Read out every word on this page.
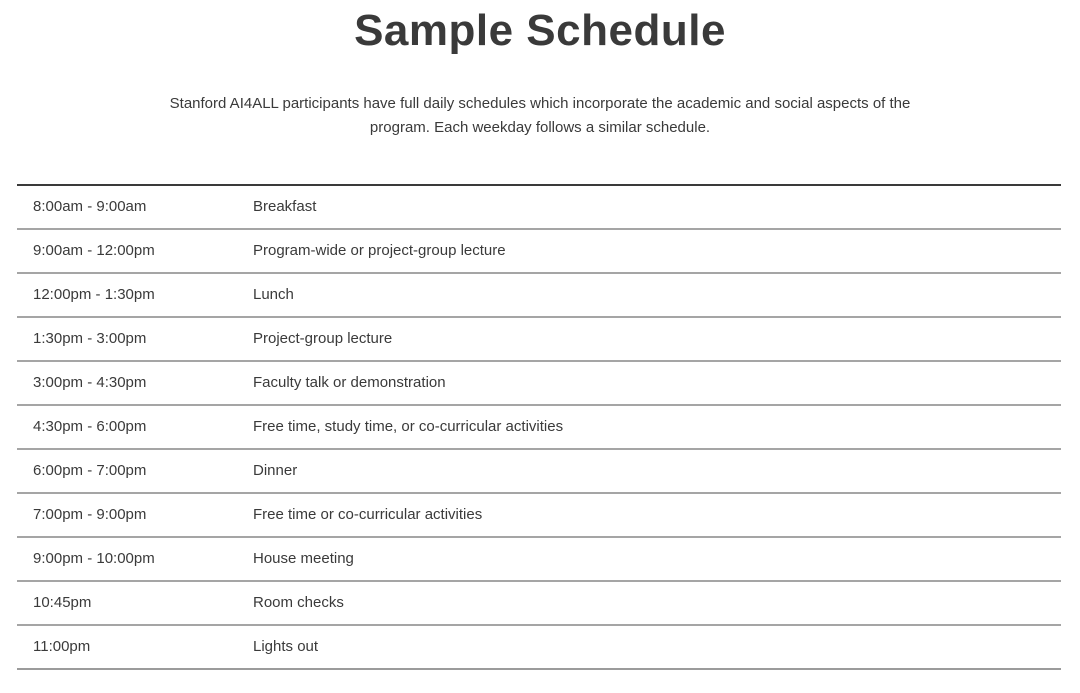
Sample Schedule

Stanford AI4ALL participants have full daily schedules which incorporate the academic and social aspects of the program. Each weekday follows a similar schedule.

8:00am - 9:00am	Breakfast
9:00am - 12:00pm	Program-wide or project-group lecture
12:00pm - 1:30pm	Lunch
1:30pm - 3:00pm	Project-group lecture
3:00pm - 4:30pm	Faculty talk or demonstration
4:30pm - 6:00pm	Free time, study time, or co-curricular activities
6:00pm - 7:00pm	Dinner
7:00pm - 9:00pm	Free time or co-curricular activities
9:00pm - 10:00pm	House meeting
10:45pm	Room checks
11:00pm	Lights out
